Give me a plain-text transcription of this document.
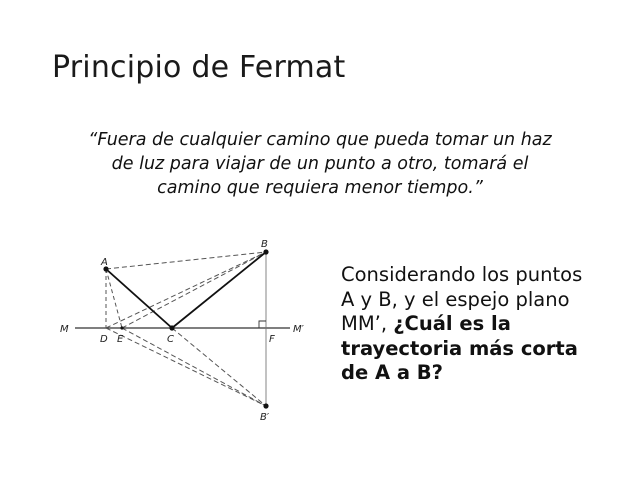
Principio de Fermat
“Fuera de cualquier camino que pueda tomar un haz
de luz para viajar de un punto a otro, tomará el
camino que requiera menor tiempo.”
A
B
B′
C
D E	F
M	M′
Considerando los puntos
A y B, y el espejo plano
MM’, ¿Cuál es la
trayectoria más corta
de A a B?
